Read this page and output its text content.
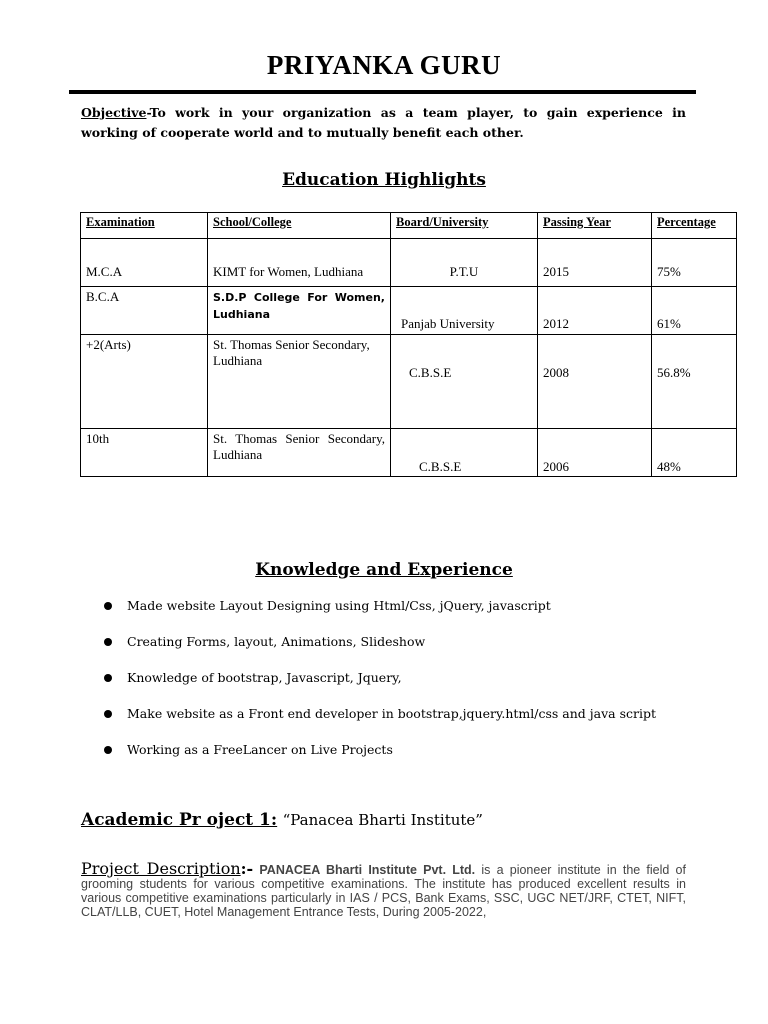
PRIYANKA GURU
Objective-To work in your organization as a team player, to gain experience in working of cooperate world and to mutually benefit each other.
Education Highlights
Examination	School/College	Board/University	Passing Year	Percentage
M.C.A	KIMT for Women, Ludhiana	P.T.U	2015	75%
B.C.A	S.D.P College For Women, Ludhiana	Panjab University	2012	61%
+2(Arts)	St. Thomas Senior Secondary, Ludhiana	C.B.S.E	2008	56.8%
10th	St. Thomas Senior Secondary, Ludhiana	C.B.S.E	2006	48%
Knowledge and Experience
Made website Layout Designing using Html/Css, jQuery, javascript
Creating Forms, layout, Animations, Slideshow
Knowledge of bootstrap, Javascript, Jquery,
Make website as a Front end developer in bootstrap,jquery.html/css and java script
Working as a FreeLancer on Live Projects
Academic Pr oject 1: “Panacea Bharti Institute”
Project Description:- PANACEA Bharti Institute Pvt. Ltd. is a pioneer institute in the field of grooming students for various competitive examinations. The institute has produced excellent results in various competitive examinations particularly in IAS / PCS, Bank Exams, SSC, UGC NET/JRF, CTET, NIFT, CLAT/LLB, CUET, Hotel Management Entrance Tests, During 2005-2022,
